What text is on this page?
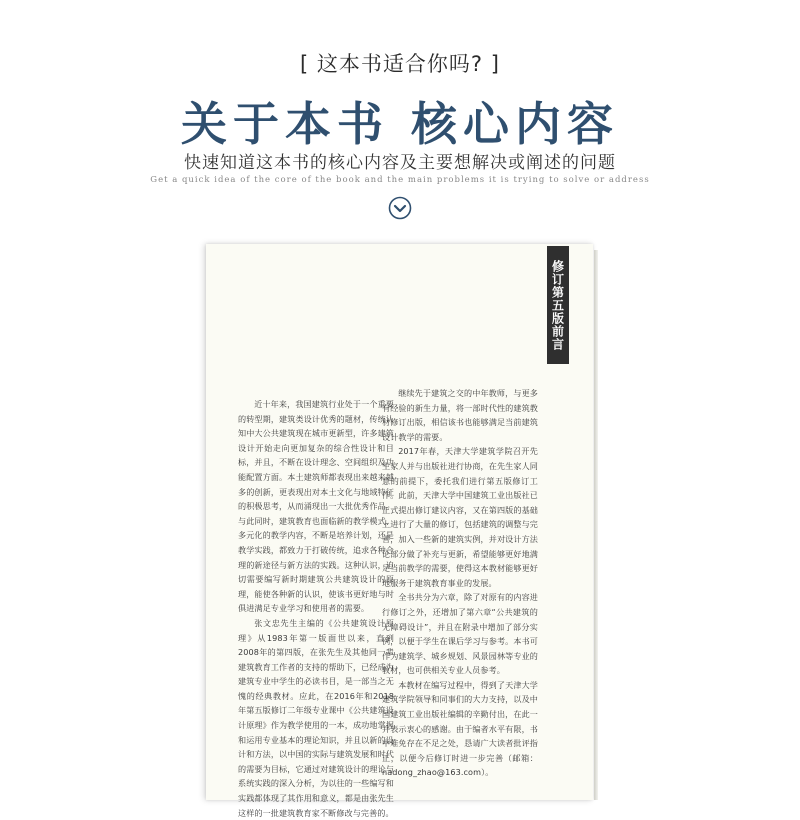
[ 这本书适合你吗? ]
关于本书 核心内容
快速知道这本书的核心内容及主要想解决或阐述的问题
Get a quick idea of the core of the book and the main problems it is trying to solve or address
修订第五版前言

近十年来，我国建筑行业处于一个重要的转型期，建筑类设计优秀的题材，传统认知中大公共建筑现在城市更新型，许多建筑设计开始走向更加复杂的综合性设计和目标，并且，不断在设计理念、空间组织及功能配置方面。本土建筑师都表现出来越来越多的创新，更表现出对本土文化与地域特征的积极思考，从而涌现出一大批优秀作品。与此同时，建筑教育也面临新的教学模式、多元化的教学内容，不断是培养计划，还是教学实践，都致力于打破传统，追求各种合理的新途径与新方法的实践。这种认识，迫切需要编写新时期建筑公共建筑设计的原理，能使各种新的认识，使该书更好地与时俱进满足专业学习和使用者的需要。

张文忠先生主编的《公共建筑设计原理》从1983年第一版面世以来，直到2008年的第四版，在张先生及其他同一辈建筑教育工作者的支持的帮助下，已经成为建筑专业中学生的必读书目，是一部当之无愧的经典教材。应此，在2016年和2018年第五版修订二年级专业课中《公共建筑设计原理》作为教学使用的一本，成功地掌握和运用专业基本的理论知识，并且以新的设计和方法，以中国的实际与建筑发展和时代的需要为目标，它通过对建筑设计的理论与系统实践的深入分析，为以往的一些编写和实践都体现了其作用和意义，都是由张先生这样的一批建筑教育家不断修改与完善的。

继续先于建筑之交的中年教师，与更多有经验的新生力量，将一部时代性的建筑教材修订出版，相信该书也能够满足当前建筑设计教学的需要。

2017年春，天津大学建筑学院召开先生家人并与出版社进行协商，在先生家人同意的前提下，委托我们进行第五版修订工作。此前，天津大学中国建筑工业出版社已正式提出修订建议内容，又在第四版的基础上进行了大量的修订，包括建筑的调整与完善，加入一些新的建筑实例，并对设计方法论部分做了补充与更新，希望能够更好地满足当前教学的需要，使得这本教材能够更好地服务于建筑教育事业的发展。

全书共分为六章，除了对原有的内容进行修订之外，还增加了第六章“公共建筑的无障碍设计”，并且在附录中增加了部分实例，以便于学生在课后学习与参考。本书可作为建筑学、城乡规划、风景园林等专业的教材，也可供相关专业人员参考。

本教材在编写过程中，得到了天津大学建筑学院领导和同事们的大力支持，以及中国建筑工业出版社编辑的辛勤付出，在此一并表示衷心的感谢。由于编者水平有限，书中难免存在不足之处，恳请广大读者批评指正，以便今后修订时进一步完善（邮箱：nadong_zhao@163.com）。
